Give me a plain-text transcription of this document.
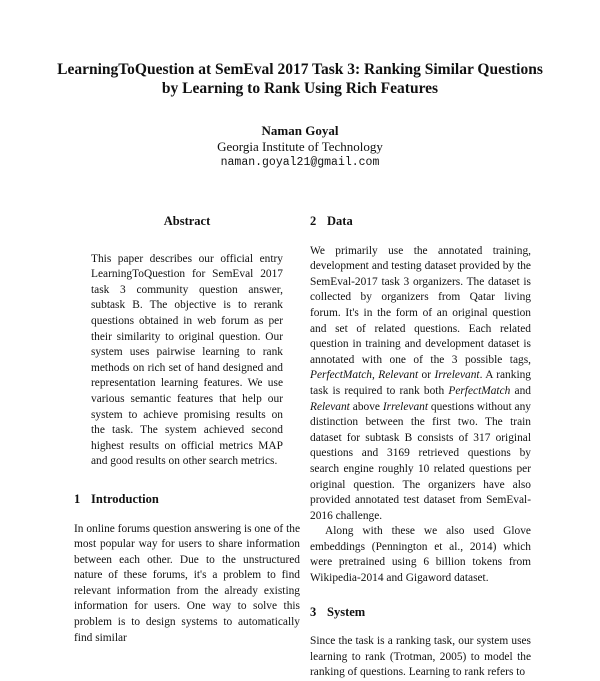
LearningToQuestion at SemEval 2017 Task 3: Ranking Similar Questions
by Learning to Rank Using Rich Features
Naman Goyal
Georgia Institute of Technology
naman.goyal21@gmail.com
Abstract

This paper describes our official entry LearningToQuestion for SemEval 2017 task 3 community question answer, subtask B. The objective is to rerank questions obtained in web forum as per their similarity to original question. Our system uses pairwise learning to rank methods on rich set of hand designed and representation learning features. We use various semantic features that help our system to achieve promising results on the task. The system achieved second highest results on official metrics MAP and good results on other search metrics.

1 Introduction

In online forums question answering is one of the most popular way for users to share information between each other. Due to the unstructured nature of these forums, it's a problem to find relevant information from the already existing information for users. One way to solve this problem is to design systems to automatically find similar

2 Data

We primarily use the annotated training, development and testing dataset provided by the SemEval-2017 task 3 organizers. The dataset is collected by organizers from Qatar living forum. It's in the form of an original question and set of related questions. Each related question in training and development dataset is annotated with one of the 3 possible tags, PerfectMatch, Relevant or Irrelevant. A ranking task is required to rank both PerfectMatch and Relevant above Irrelevant questions without any distinction between the first two. The train dataset for subtask B consists of 317 original questions and 3169 retrieved questions by search engine roughly 10 related questions per original question. The organizers have also provided annotated test dataset from SemEval-2016 challenge.

Along with these we also used Glove embeddings (Pennington et al., 2014) which were pretrained using 6 billion tokens from Wikipedia-2014 and Gigaword dataset.

3 System

Since the task is a ranking task, our system uses learning to rank (Trotman, 2005) to model the ranking of questions. Learning to rank refers to
